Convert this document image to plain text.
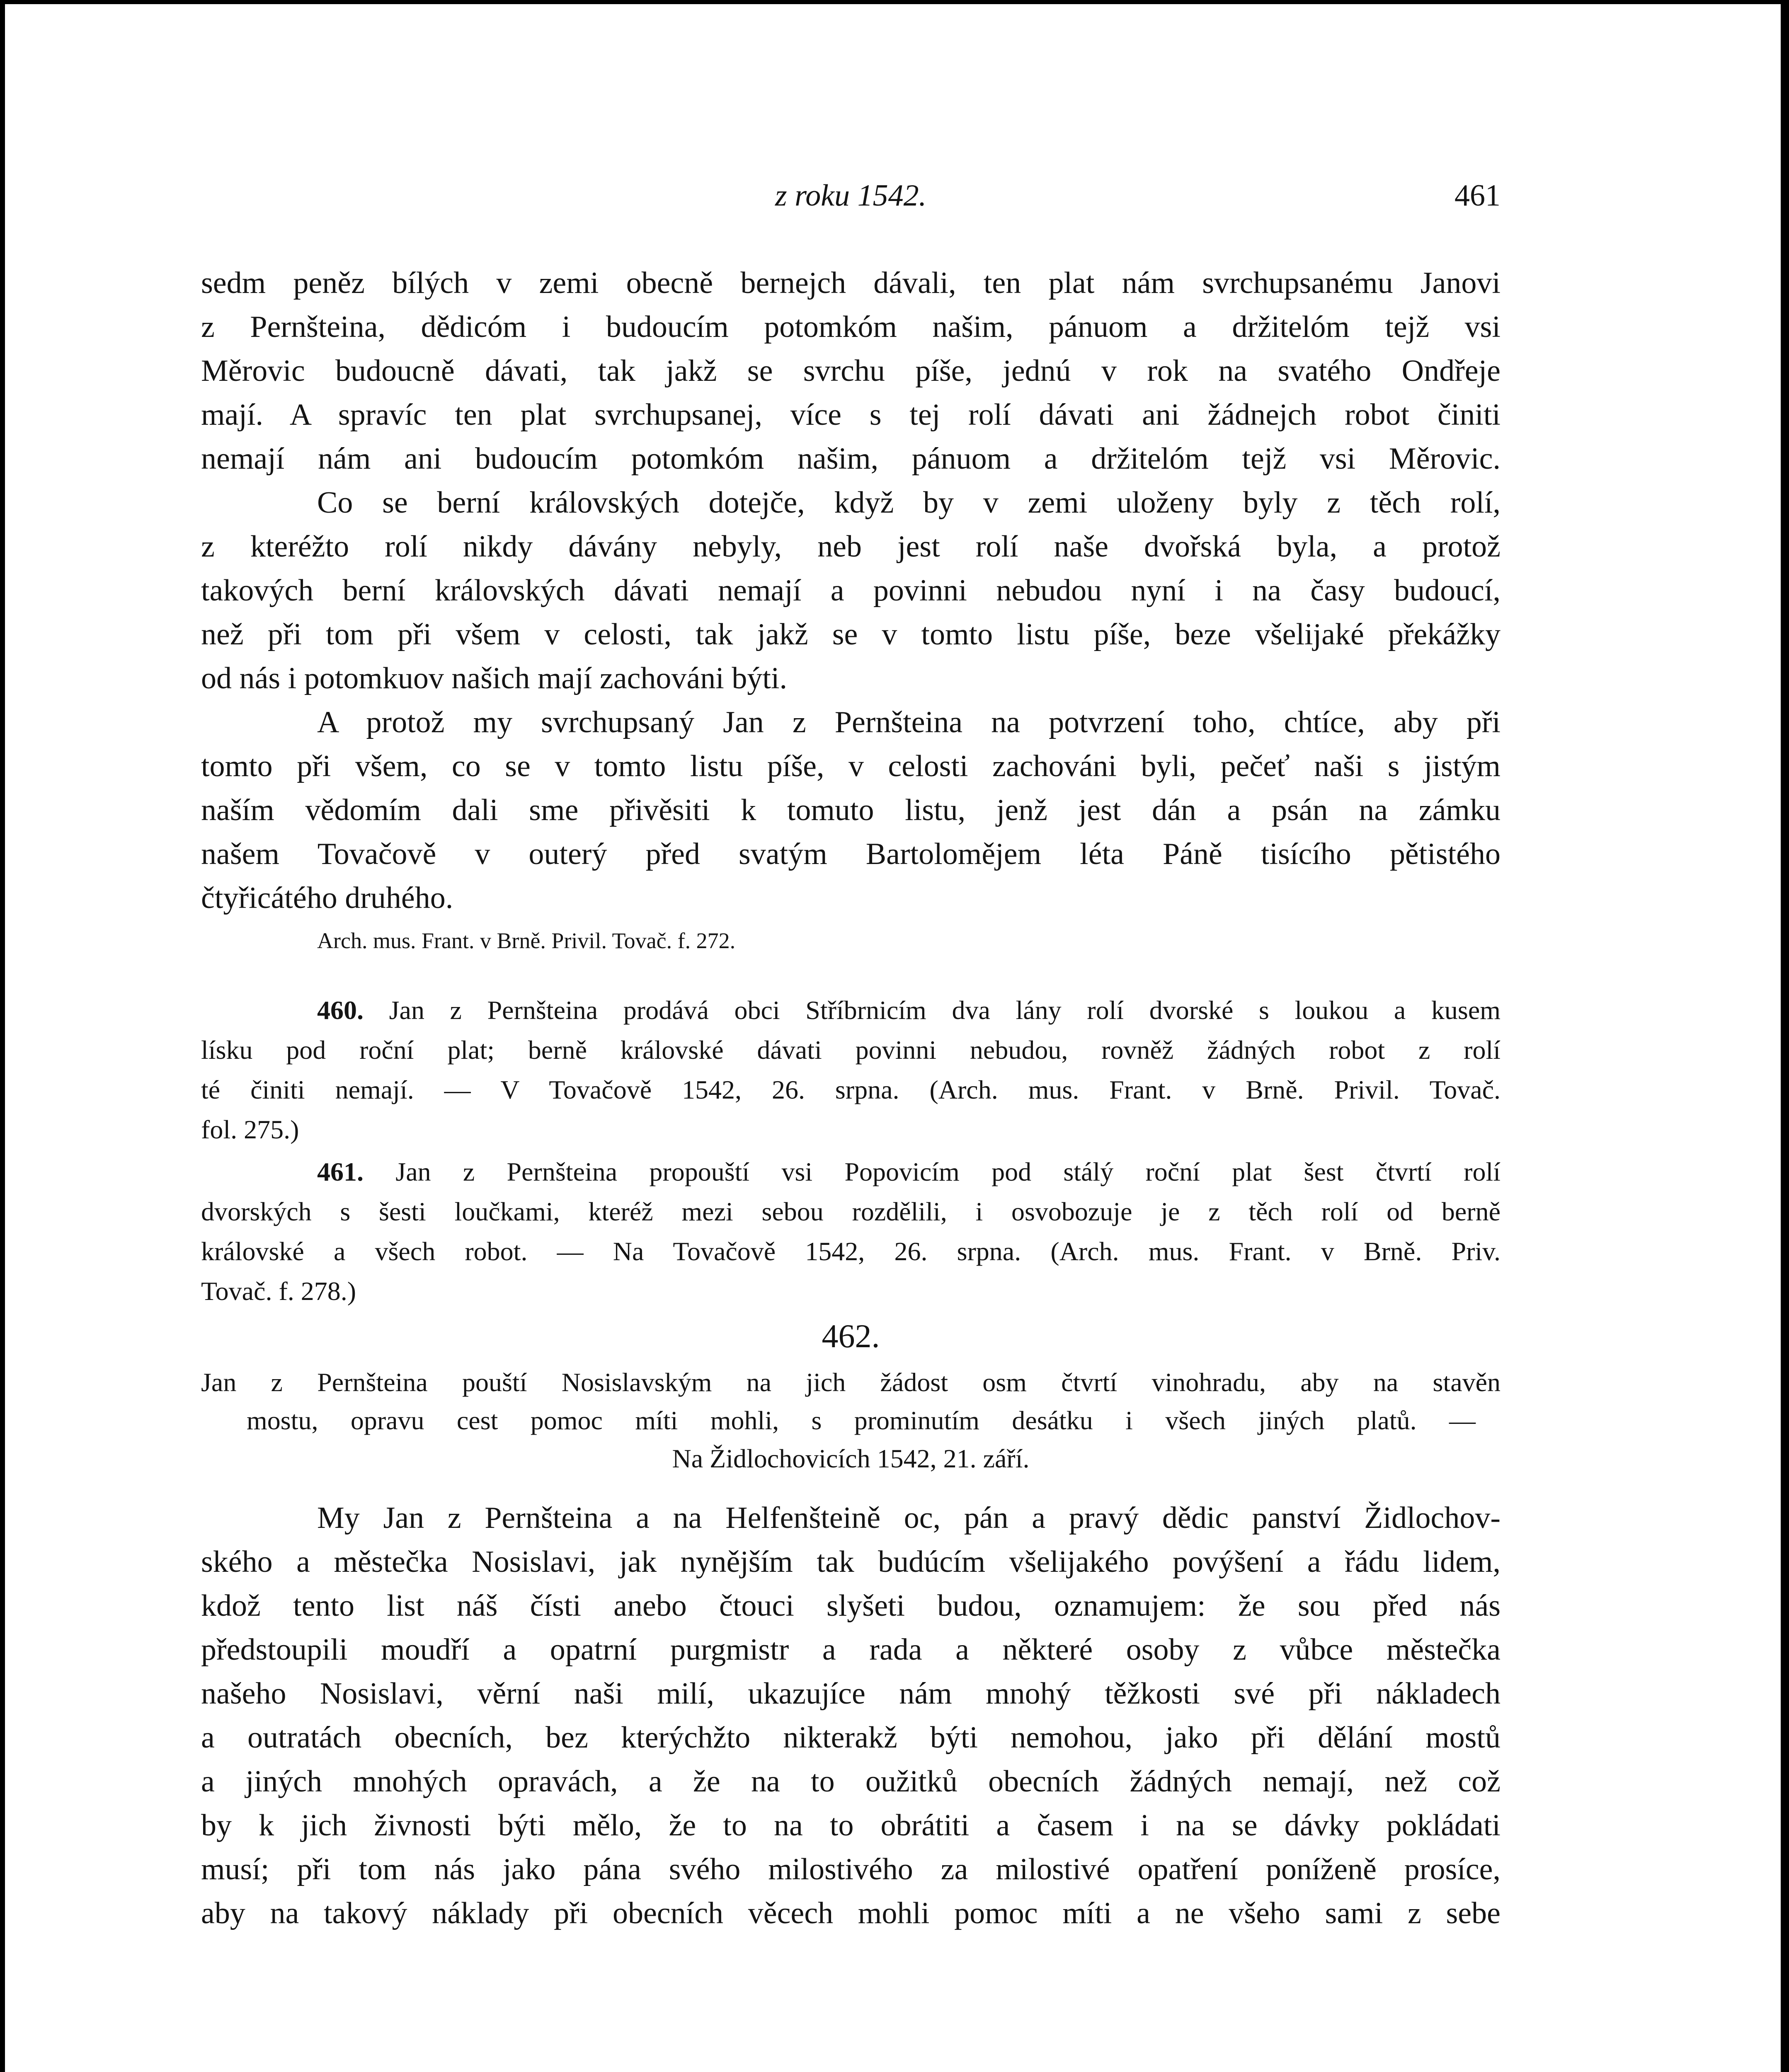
z roku 1542.	461
sedm peněz bílých v zemi obecně bernejch dávali, ten plat nám svrchupsanému Janovi
z Pernšteina, dědicóm i budoucím potomkóm našim, pánuom a držitelóm tejž vsi
Měrovic budoucně dávati, tak jakž se svrchu píše, jednú v rok na svatého Ondřeje
mají. A spravíc ten plat svrchupsanej, více s tej rolí dávati ani žádnejch robot činiti
nemají nám ani budoucím potomkóm našim, pánuom a držitelóm tejž vsi Měrovic.
Co se berní královských dotejče, když by v zemi uloženy byly z těch rolí,
z kteréžto rolí nikdy dávány nebyly, neb jest rolí naše dvořská byla, a protož
takových berní královských dávati nemají a povinni nebudou nyní i na časy budoucí,
než při tom při všem v celosti, tak jakž se v tomto listu píše, beze všelijaké překážky
od nás i potomkuov našich mají zachováni býti.
A protož my svrchupsaný Jan z Pernšteina na potvrzení toho, chtíce, aby při
tomto při všem, co se v tomto listu píše, v celosti zachováni byli, pečeť naši s jistým
naším vědomím dali sme přivěsiti k tomuto listu, jenž jest dán a psán na zámku
našem Tovačově v outerý před svatým Bartolomějem léta Páně tisícího pětistého
čtyřicátého druhého.
Arch. mus. Frant. v Brně. Privil. Tovač. f. 272.
460. Jan z Pernšteina prodává obci Stříbrnicím dva lány rolí dvorské s loukou a kusem
lísku pod roční plat; berně královské dávati povinni nebudou, rovněž žádných robot z rolí
té činiti nemají. — V Tovačově 1542, 26. srpna. (Arch. mus. Frant. v Brně. Privil. Tovač.
fol. 275.)
461. Jan z Pernšteina propouští vsi Popovicím pod stálý roční plat šest čtvrtí rolí
dvorských s šesti loučkami, kteréž mezi sebou rozdělili, i osvobozuje je z těch rolí od berně
královské a všech robot. — Na Tovačově 1542, 26. srpna. (Arch. mus. Frant. v Brně. Priv.
Tovač. f. 278.)
462.
Jan z Pernšteina pouští Nosislavským na jich žádost osm čtvrtí vinohradu, aby na stavěn
mostu, opravu cest pomoc míti mohli, s prominutím desátku i všech jiných platů. —
Na Židlochovicích 1542, 21. září.
My Jan z Pernšteina a na Helfenšteině oc, pán a pravý dědic panství Židlochov-
ského a městečka Nosislavi, jak nynějším tak budúcím všelijakého povýšení a řádu lidem,
kdož tento list náš čísti anebo čtouci slyšeti budou, oznamujem: že sou před nás
předstoupili moudří a opatrní purgmistr a rada a některé osoby z vůbce městečka
našeho Nosislavi, věrní naši milí, ukazujíce nám mnohý těžkosti své při nákladech
a outratách obecních, bez kterýchžto nikterakž býti nemohou, jako při dělání mostů
a jiných mnohých opravách, a že na to oužitků obecních žádných nemají, než což
by k jich živnosti býti mělo, že to na to obrátiti a časem i na se dávky pokládati
musí; při tom nás jako pána svého milostivého za milostivé opatření poníženě prosíce,
aby na takový náklady při obecních věcech mohli pomoc míti a ne všeho sami z sebe
